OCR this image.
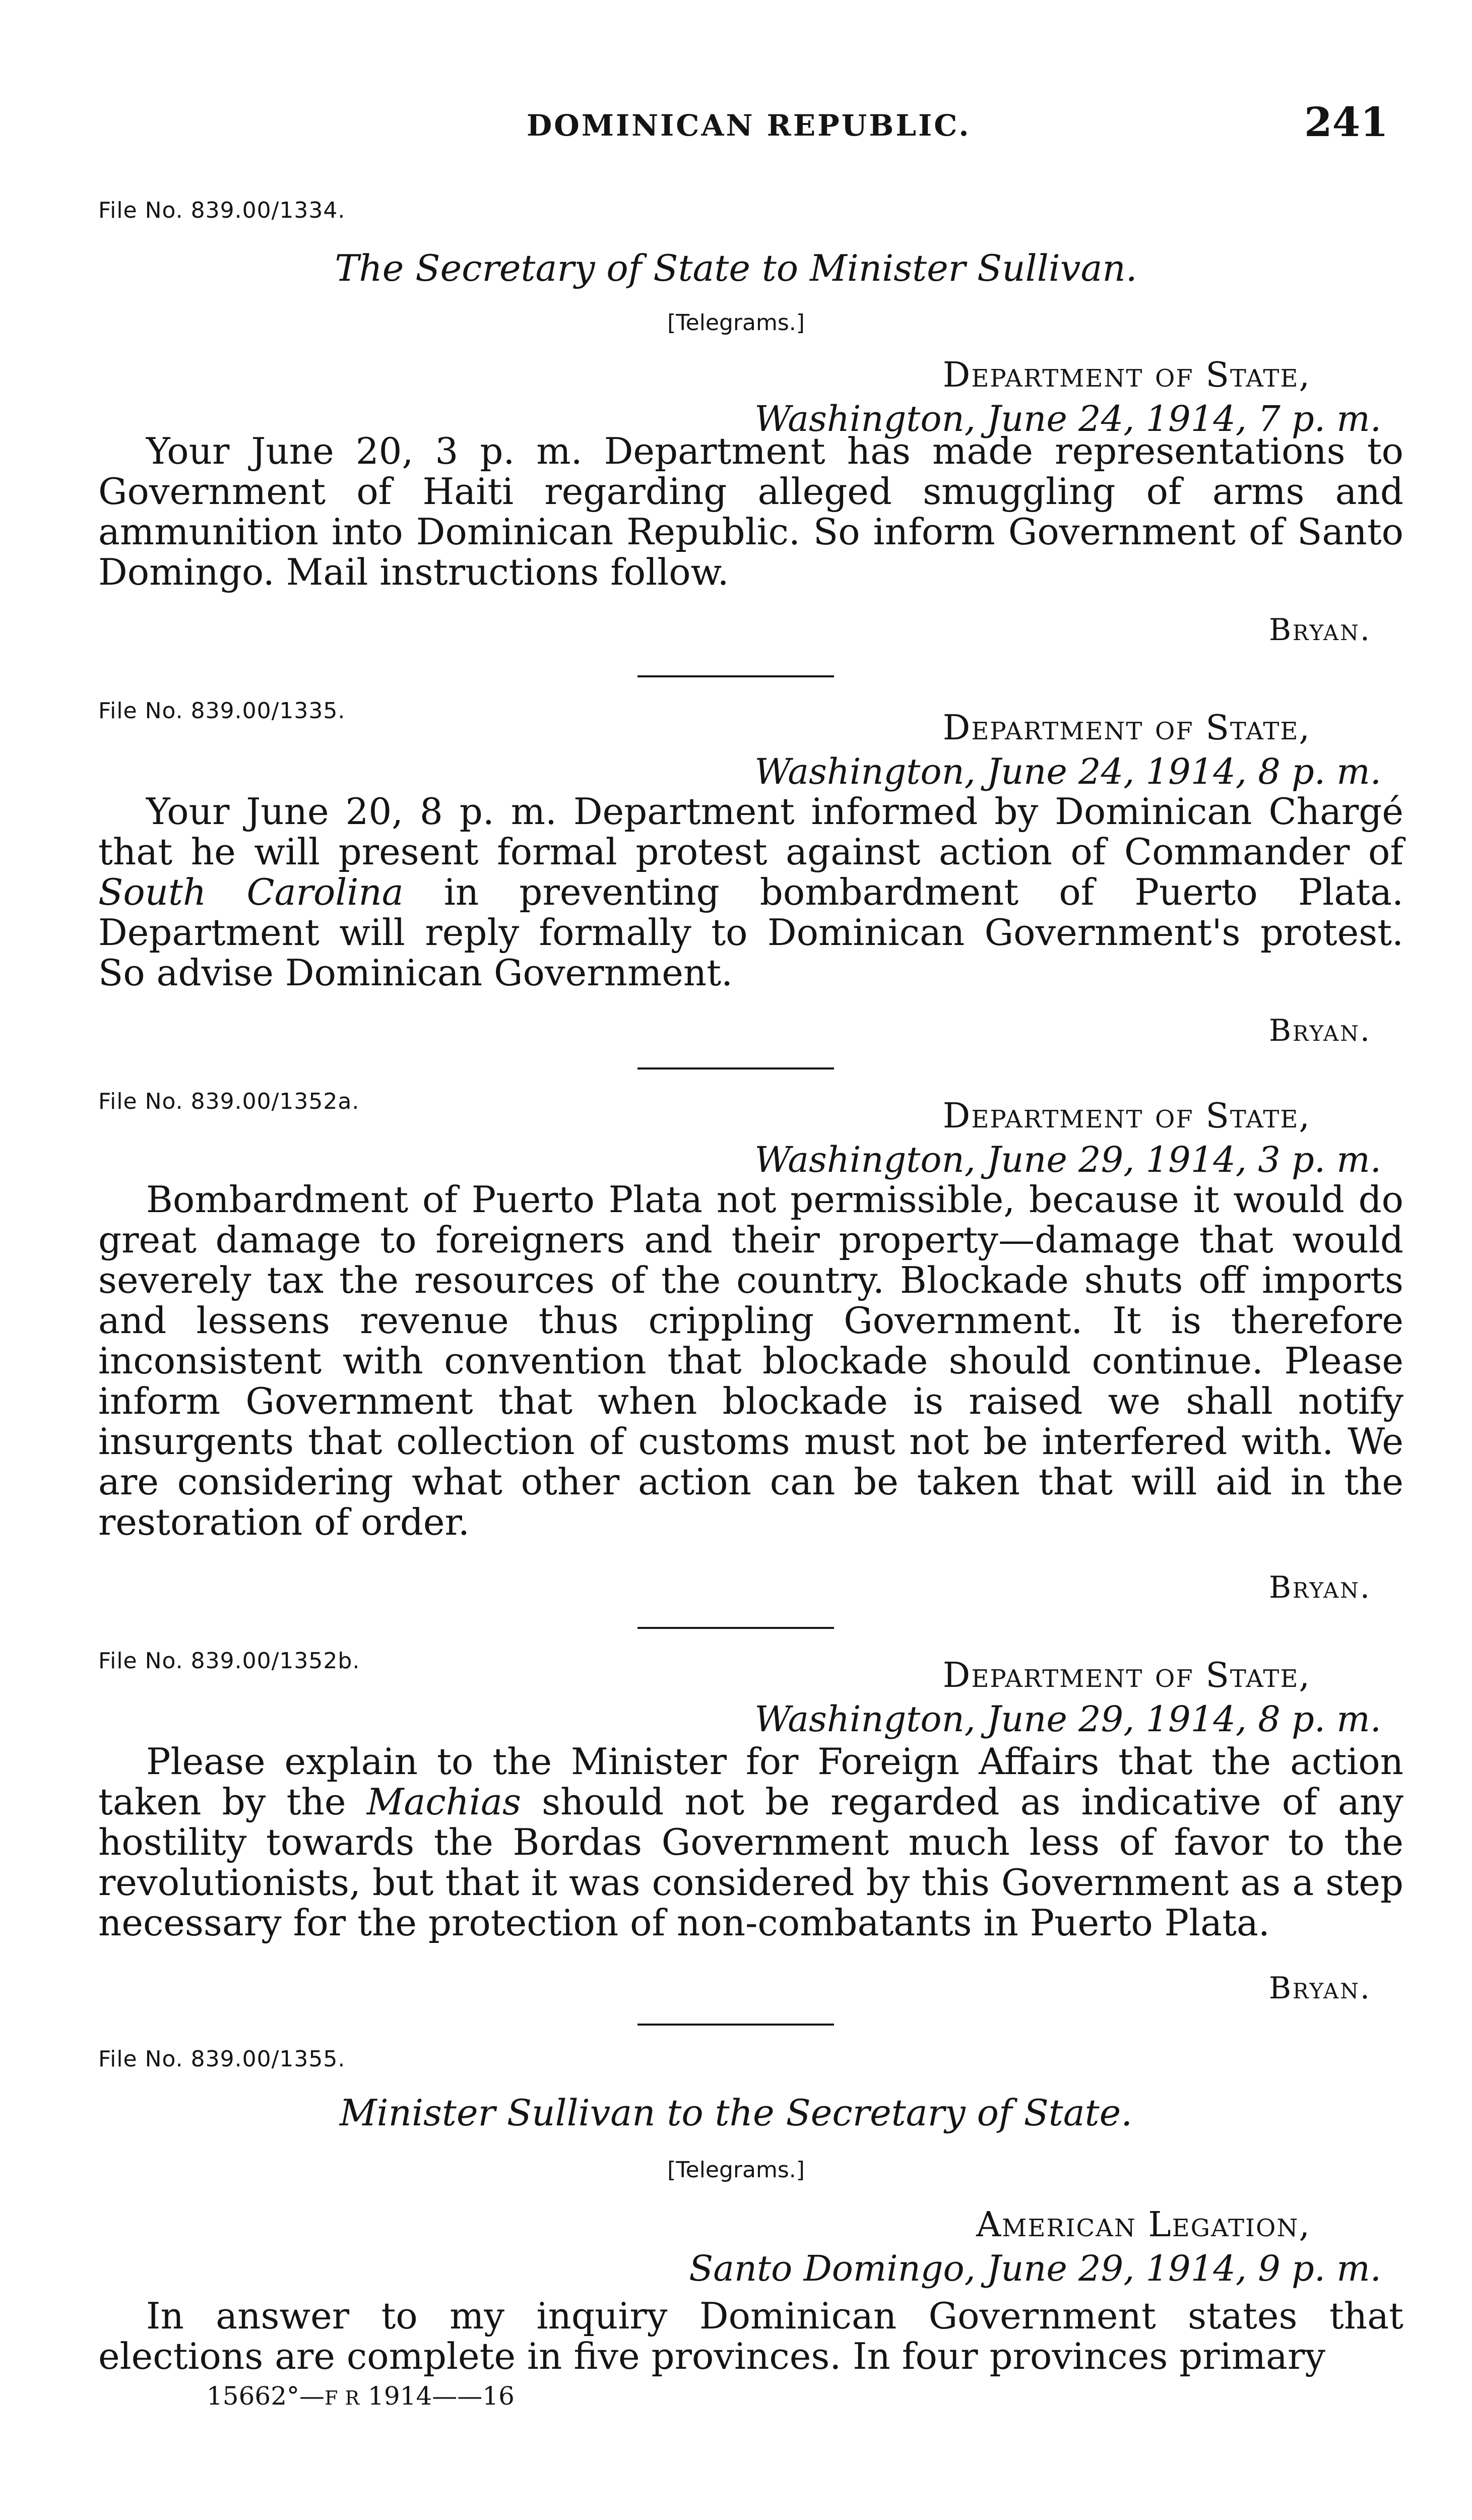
DOMINICAN REPUBLIC.	241
File No. 839.00/1334.
The Secretary of State to Minister Sullivan.
[Telegrams.]
Department of State,
Washington, June 24, 1914, 7 p. m.

Your June 20, 3 p. m. Department has made representations to Government of Haiti regarding alleged smuggling of arms and ammunition into Dominican Republic. So inform Government of Santo Domingo. Mail instructions follow.

Bryan.
File No. 839.00/1335.	Department of State,
Washington, June 24, 1914, 8 p. m.

Your June 20, 8 p. m. Department informed by Dominican Chargé that he will present formal protest against action of Commander of South Carolina in preventing bombardment of Puerto Plata. Department will reply formally to Dominican Government's protest. So advise Dominican Government.

Bryan.
File No. 839.00/1352a.	Department of State,
Washington, June 29, 1914, 3 p. m.

Bombardment of Puerto Plata not permissible, because it would do great damage to foreigners and their property—damage that would severely tax the resources of the country. Blockade shuts off imports and lessens revenue thus crippling Government. It is therefore inconsistent with convention that blockade should continue. Please inform Government that when blockade is raised we shall notify insurgents that collection of customs must not be interfered with. We are considering what other action can be taken that will aid in the restoration of order.

Bryan.
File No. 839.00/1352b.	Department of State,
Washington, June 29, 1914, 8 p. m.

Please explain to the Minister for Foreign Affairs that the action taken by the Machias should not be regarded as indicative of any hostility towards the Bordas Government much less of favor to the revolutionists, but that it was considered by this Government as a step necessary for the protection of non-combatants in Puerto Plata.

Bryan.
File No. 839.00/1355.
Minister Sullivan to the Secretary of State.
[Telegrams.]
American Legation,
Santo Domingo, June 29, 1914, 9 p. m.

In answer to my inquiry Dominican Government states that elections are complete in five provinces. In four provinces primary

15662°—F R 1914——16
